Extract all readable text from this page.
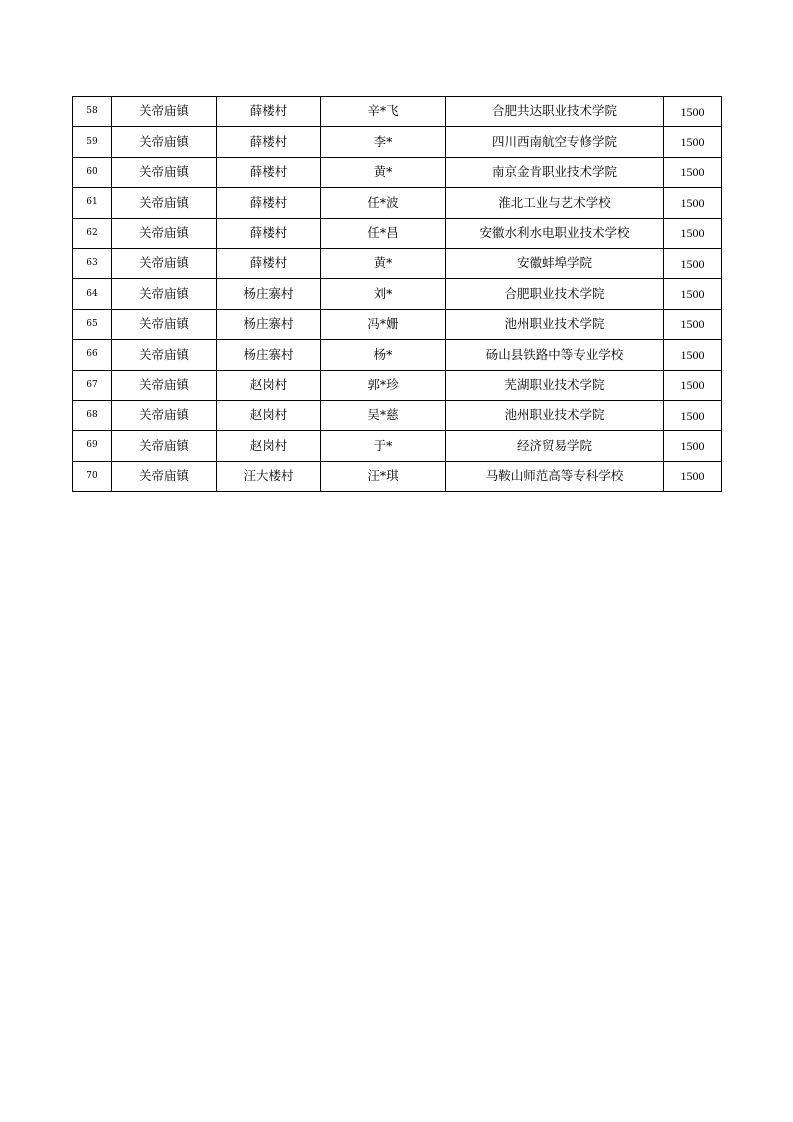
58	关帝庙镇	薛楼村	辛*飞	合肥共达职业技术学院	1500
59	关帝庙镇	薛楼村	李*	四川西南航空专修学院	1500
60	关帝庙镇	薛楼村	黄*	南京金肯职业技术学院	1500
61	关帝庙镇	薛楼村	任*波	淮北工业与艺术学校	1500
62	关帝庙镇	薛楼村	任*昌	安徽水利水电职业技术学校	1500
63	关帝庙镇	薛楼村	黄*	安徽蚌埠学院	1500
64	关帝庙镇	杨庄寨村	刘*	合肥职业技术学院	1500
65	关帝庙镇	杨庄寨村	冯*姗	池州职业技术学院	1500
66	关帝庙镇	杨庄寨村	杨*	砀山县铁路中等专业学校	1500
67	关帝庙镇	赵岗村	郭*珍	芜湖职业技术学院	1500
68	关帝庙镇	赵岗村	吴*慈	池州职业技术学院	1500
69	关帝庙镇	赵岗村	于*	经济贸易学院	1500
70	关帝庙镇	汪大楼村	汪*琪	马鞍山师范高等专科学校	1500
